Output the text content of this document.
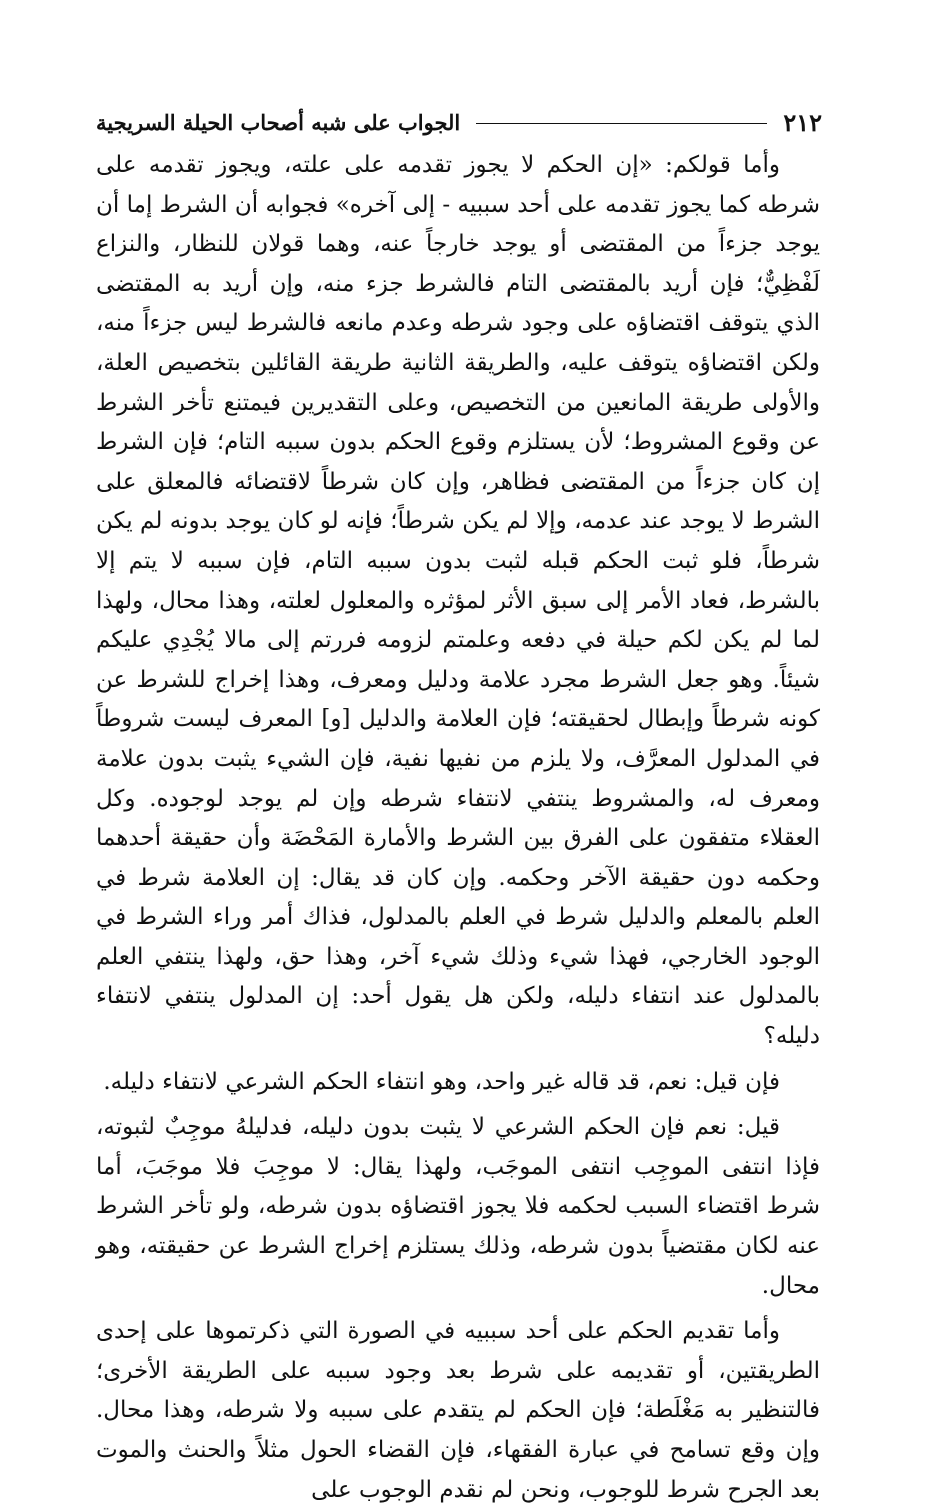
٢١٢
الجواب على شبه أصحاب الحيلة السريجية

وأما قولكم: «إن الحكم لا يجوز تقدمه على علته، ويجوز تقدمه على شرطه كما يجوز تقدمه على أحد سببيه - إلى آخره» فجوابه أن الشرط إما أن يوجد جزءاً من المقتضى أو يوجد خارجاً عنه، وهما قولان للنظار، والنزاع لَفْظِيٌّ؛ فإن أريد بالمقتضى التام فالشرط جزء منه، وإن أريد به المقتضى الذي يتوقف اقتضاؤه على وجود شرطه وعدم مانعه فالشرط ليس جزءاً منه، ولكن اقتضاؤه يتوقف عليه، والطريقة الثانية طريقة القائلين بتخصيص العلة، والأولى طريقة المانعين من التخصيص، وعلى التقديرين فيمتنع تأخر الشرط عن وقوع المشروط؛ لأن يستلزم وقوع الحكم بدون سببه التام؛ فإن الشرط إن كان جزءاً من المقتضى فظاهر، وإن كان شرطاً لاقتضائه فالمعلق على الشرط لا يوجد عند عدمه، وإلا لم يكن شرطاً؛ فإنه لو كان يوجد بدونه لم يكن شرطاً، فلو ثبت الحكم قبله لثبت بدون سببه التام، فإن سببه لا يتم إلا بالشرط، فعاد الأمر إلى سبق الأثر لمؤثره والمعلول لعلته، وهذا محال، ولهذا لما لم يكن لكم حيلة في دفعه وعلمتم لزومه فررتم إلى مالا يُجْدِي عليكم شيئاً. وهو جعل الشرط مجرد علامة ودليل ومعرف، وهذا إخراج للشرط عن كونه شرطاً وإبطال لحقيقته؛ فإن العلامة والدليل [و] المعرف ليست شروطاً في المدلول المعرَّف، ولا يلزم من نفيها نفية، فإن الشيء يثبت بدون علامة ومعرف له، والمشروط ينتفي لانتفاء شرطه وإن لم يوجد لوجوده. وكل العقلاء متفقون على الفرق بين الشرط والأمارة المَحْضَة وأن حقيقة أحدهما وحكمه دون حقيقة الآخر وحكمه. وإن كان قد يقال: إن العلامة شرط في العلم بالمعلم والدليل شرط في العلم بالمدلول، فذاك أمر وراء الشرط في الوجود الخارجي، فهذا شيء وذلك شيء آخر، وهذا حق، ولهذا ينتفي العلم بالمدلول عند انتفاء دليله، ولكن هل يقول أحد: إن المدلول ينتفي لانتفاء دليله؟

فإن قيل: نعم، قد قاله غير واحد، وهو انتفاء الحكم الشرعي لانتفاء دليله.

قيل: نعم فإن الحكم الشرعي لا يثبت بدون دليله، فدليلهُ موجِبٌ لثبوته، فإذا انتفى الموجِب انتفى الموجَب، ولهذا يقال: لا موجِبَ فلا موجَبَ، أما شرط اقتضاء السبب لحكمه فلا يجوز اقتضاؤه بدون شرطه، ولو تأخر الشرط عنه لكان مقتضياً بدون شرطه، وذلك يستلزم إخراج الشرط عن حقيقته، وهو محال.

وأما تقديم الحكم على أحد سببيه في الصورة التي ذكرتموها على إحدى الطريقتين، أو تقديمه على شرط بعد وجود سببه على الطريقة الأخرى؛ فالتنظير به مَغْلَطة؛ فإن الحكم لم يتقدم على سببه ولا شرطه، وهذا محال. وإن وقع تسامح في عبارة الفقهاء، فإن القضاء الحول مثلاً والحنث والموت بعد الجرح شرط للوجوب، ونحن لم نقدم الوجوب على
